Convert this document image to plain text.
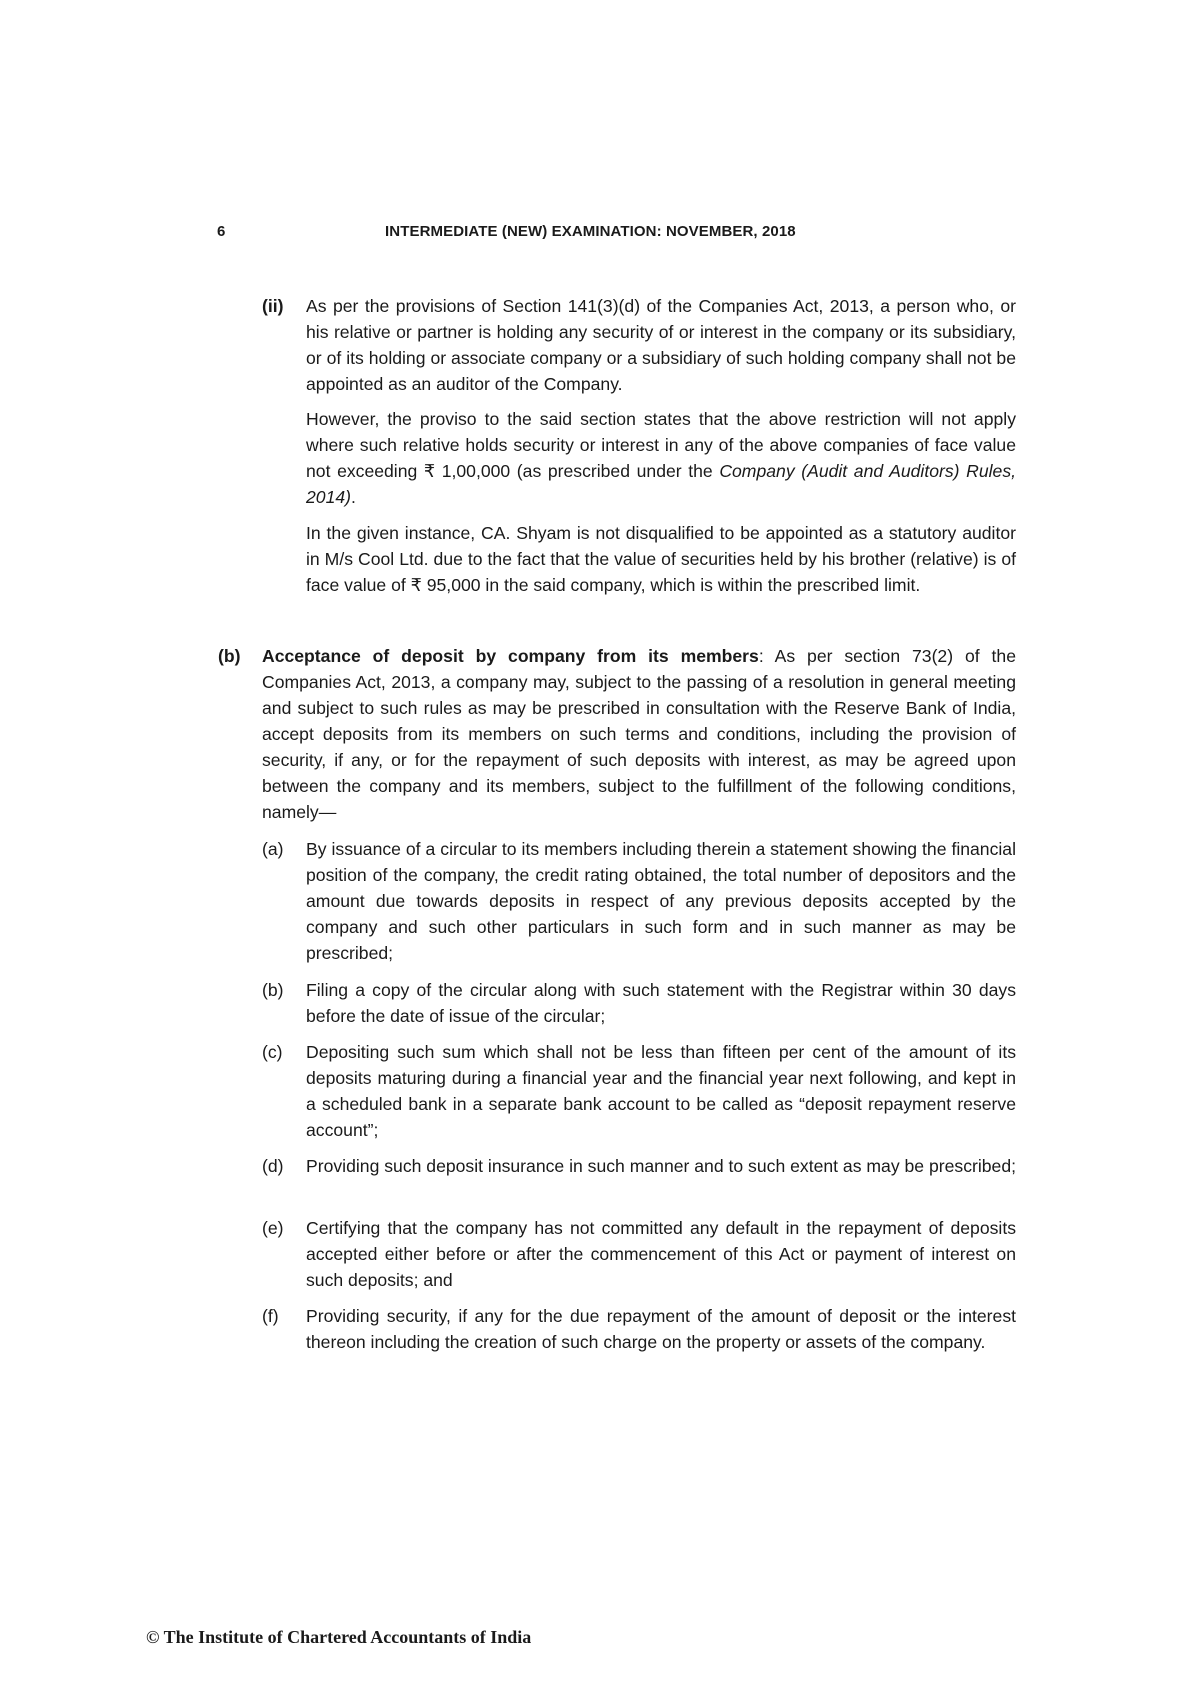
6	INTERMEDIATE (NEW) EXAMINATION: NOVEMBER, 2018
(ii) As per the provisions of Section 141(3)(d) of the Companies Act, 2013, a person who, or his relative or partner is holding any security of or interest in the company or its subsidiary, or of its holding or associate company or a subsidiary of such holding company shall not be appointed as an auditor of the Company.
However, the proviso to the said section states that the above restriction will not apply where such relative holds security or interest in any of the above companies of face value not exceeding ₹ 1,00,000 (as prescribed under the Company (Audit and Auditors) Rules, 2014).
In the given instance, CA. Shyam is not disqualified to be appointed as a statutory auditor in M/s Cool Ltd. due to the fact that the value of securities held by his brother (relative) is of face value of ₹ 95,000 in the said company, which is within the prescribed limit.
(b) Acceptance of deposit by company from its members: As per section 73(2) of the Companies Act, 2013, a company may, subject to the passing of a resolution in general meeting and subject to such rules as may be prescribed in consultation with the Reserve Bank of India, accept deposits from its members on such terms and conditions, including the provision of security, if any, or for the repayment of such deposits with interest, as may be agreed upon between the company and its members, subject to the fulfillment of the following conditions, namely—
(a) By issuance of a circular to its members including therein a statement showing the financial position of the company, the credit rating obtained, the total number of depositors and the amount due towards deposits in respect of any previous deposits accepted by the company and such other particulars in such form and in such manner as may be prescribed;
(b) Filing a copy of the circular along with such statement with the Registrar within 30 days before the date of issue of the circular;
(c) Depositing such sum which shall not be less than fifteen per cent of the amount of its deposits maturing during a financial year and the financial year next following, and kept in a scheduled bank in a separate bank account to be called as “deposit repayment reserve account”;
(d) Providing such deposit insurance in such manner and to such extent as may be prescribed;
(e) Certifying that the company has not committed any default in the repayment of deposits accepted either before or after the commencement of this Act or payment of interest on such deposits; and
(f) Providing security, if any for the due repayment of the amount of deposit or the interest thereon including the creation of such charge on the property or assets of the company.
© The Institute of Chartered Accountants of India
